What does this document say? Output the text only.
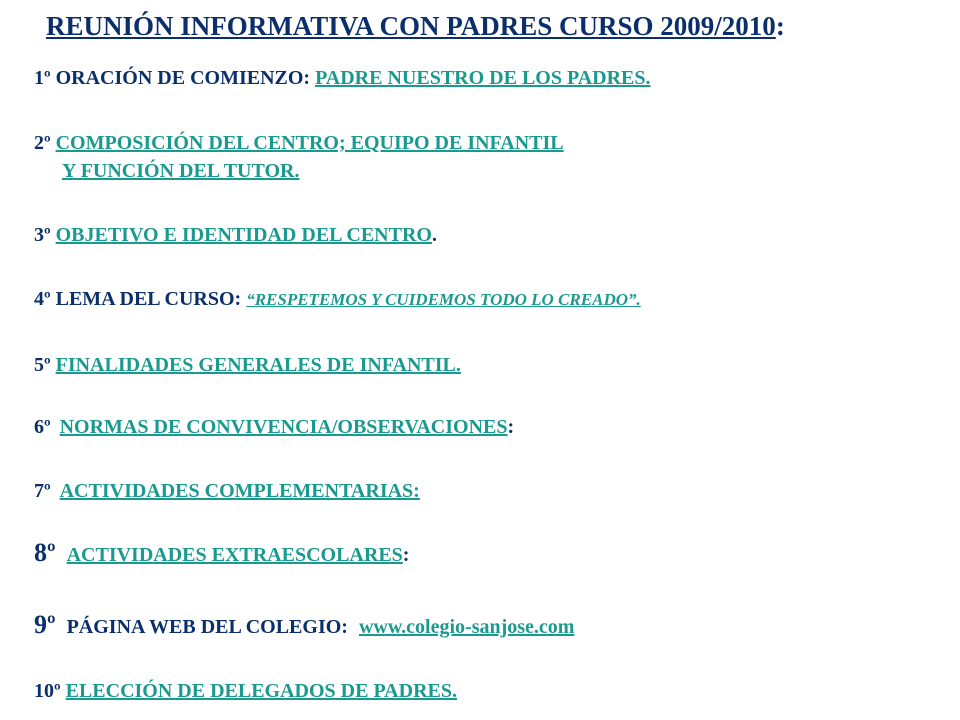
REUNIÓN INFORMATIVA CON PADRES CURSO 2009/2010:
1º ORACIÓN DE COMIENZO: PADRE NUESTRO DE LOS PADRES.
2º COMPOSICIÓN DEL CENTRO; EQUIPO DE INFANTIL
Y FUNCIÓN DEL TUTOR.
3º OBJETIVO E IDENTIDAD DEL CENTRO.
4º LEMA DEL CURSO: “RESPETEMOS Y CUIDEMOS TODO LO CREADO”.
5º FINALIDADES GENERALES DE INFANTIL.
6º NORMAS DE CONVIVENCIA/OBSERVACIONES:
7º ACTIVIDADES COMPLEMENTARIAS:
8º ACTIVIDADES EXTRAESCOLARES:
9º PÁGINA WEB DEL COLEGIO: www.colegio-sanjose.com
10º ELECCIÓN DE DELEGADOS DE PADRES.
